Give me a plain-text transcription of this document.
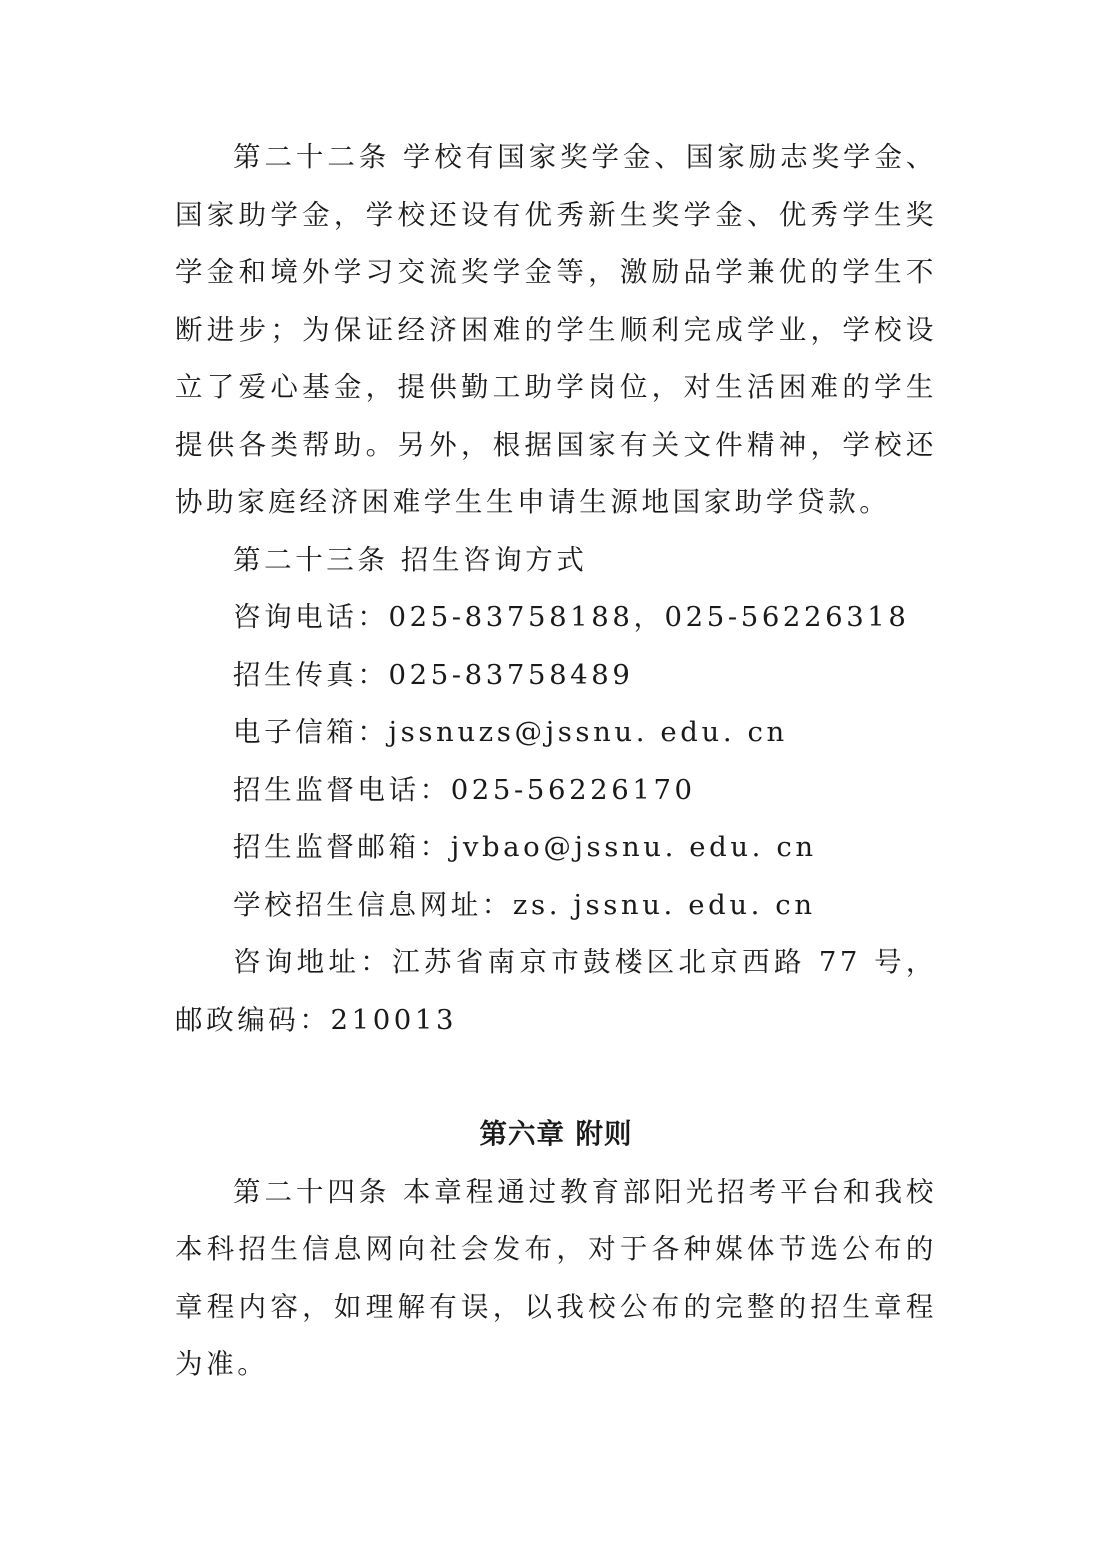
第二十二条 学校有国家奖学金、国家励志奖学金、国家助学金，学校还设有优秀新生奖学金、优秀学生奖学金和境外学习交流奖学金等，激励品学兼优的学生不断进步；为保证经济困难的学生顺利完成学业，学校设立了爱心基金，提供勤工助学岗位，对生活困难的学生提供各类帮助。另外，根据国家有关文件精神，学校还协助家庭经济困难学生生申请生源地国家助学贷款。

第二十三条 招生咨询方式

咨询电话：025-83758188，025-56226318

招生传真：025-83758489

电子信箱：jssnuzs@jssnu. edu. cn

招生监督电话：025-56226170

招生监督邮箱：jvbao@jssnu. edu. cn

学校招生信息网址：zs. jssnu. edu. cn

咨询地址：江苏省南京市鼓楼区北京西路 77 号，邮政编码：210013

第六章 附则

第二十四条 本章程通过教育部阳光招考平台和我校本科招生信息网向社会发布，对于各种媒体节选公布的章程内容，如理解有误，以我校公布的完整的招生章程为准。
